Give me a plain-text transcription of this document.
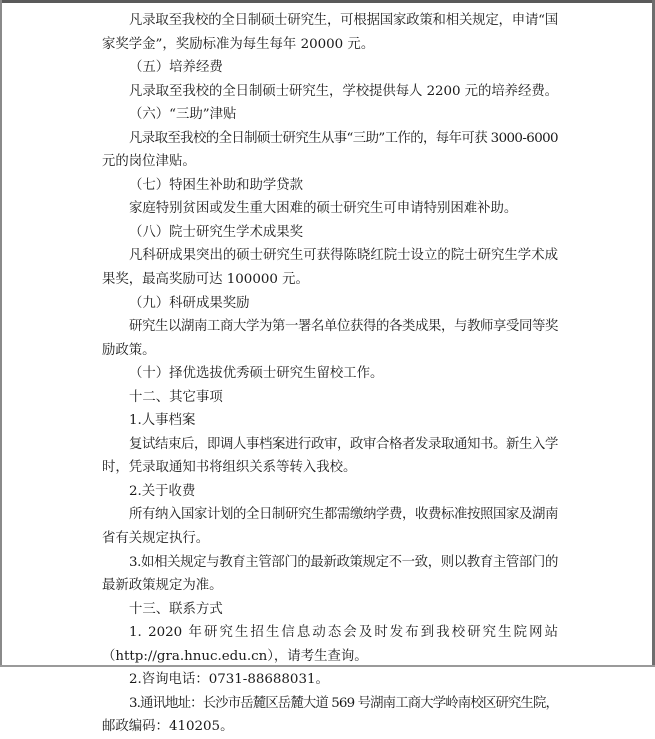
凡录取至我校的全日制硕士研究生，可根据国家政策和相关规定，申请“国
家奖学金”，奖励标准为每生每年 20000 元。
（五）培养经费
凡录取至我校的全日制硕士研究生，学校提供每人 2200 元的培养经费。
（六）“三助”津贴
凡录取至我校的全日制硕士研究生从事“三助”工作的，每年可获 3000-6000
元的岗位津贴。
（七）特困生补助和助学贷款
家庭特别贫困或发生重大困难的硕士研究生可申请特别困难补助。
（八）院士研究生学术成果奖
凡科研成果突出的硕士研究生可获得陈晓红院士设立的院士研究生学术成
果奖，最高奖励可达 100000 元。
（九）科研成果奖励
研究生以湖南工商大学为第一署名单位获得的各类成果，与教师享受同等奖
励政策。
（十）择优选拔优秀硕士研究生留校工作。
十二、其它事项
1.人事档案
复试结束后，即调人事档案进行政审，政审合格者发录取通知书。新生入学
时，凭录取通知书将组织关系等转入我校。
2.关于收费
所有纳入国家计划的全日制研究生都需缴纳学费，收费标准按照国家及湖南
省有关规定执行。
3.如相关规定与教育主管部门的最新政策规定不一致，则以教育主管部门的
最新政策规定为准。
十三、联系方式
1. 2020 年研究生招生信息动态会及时发布到我校研究生院网站
（http://gra.hnuc.edu.cn），请考生查询。
2.咨询电话：0731-88688031。
3.通讯地址：长沙市岳麓区岳麓大道 569 号湖南工商大学岭南校区研究生院，
邮政编码：410205。
